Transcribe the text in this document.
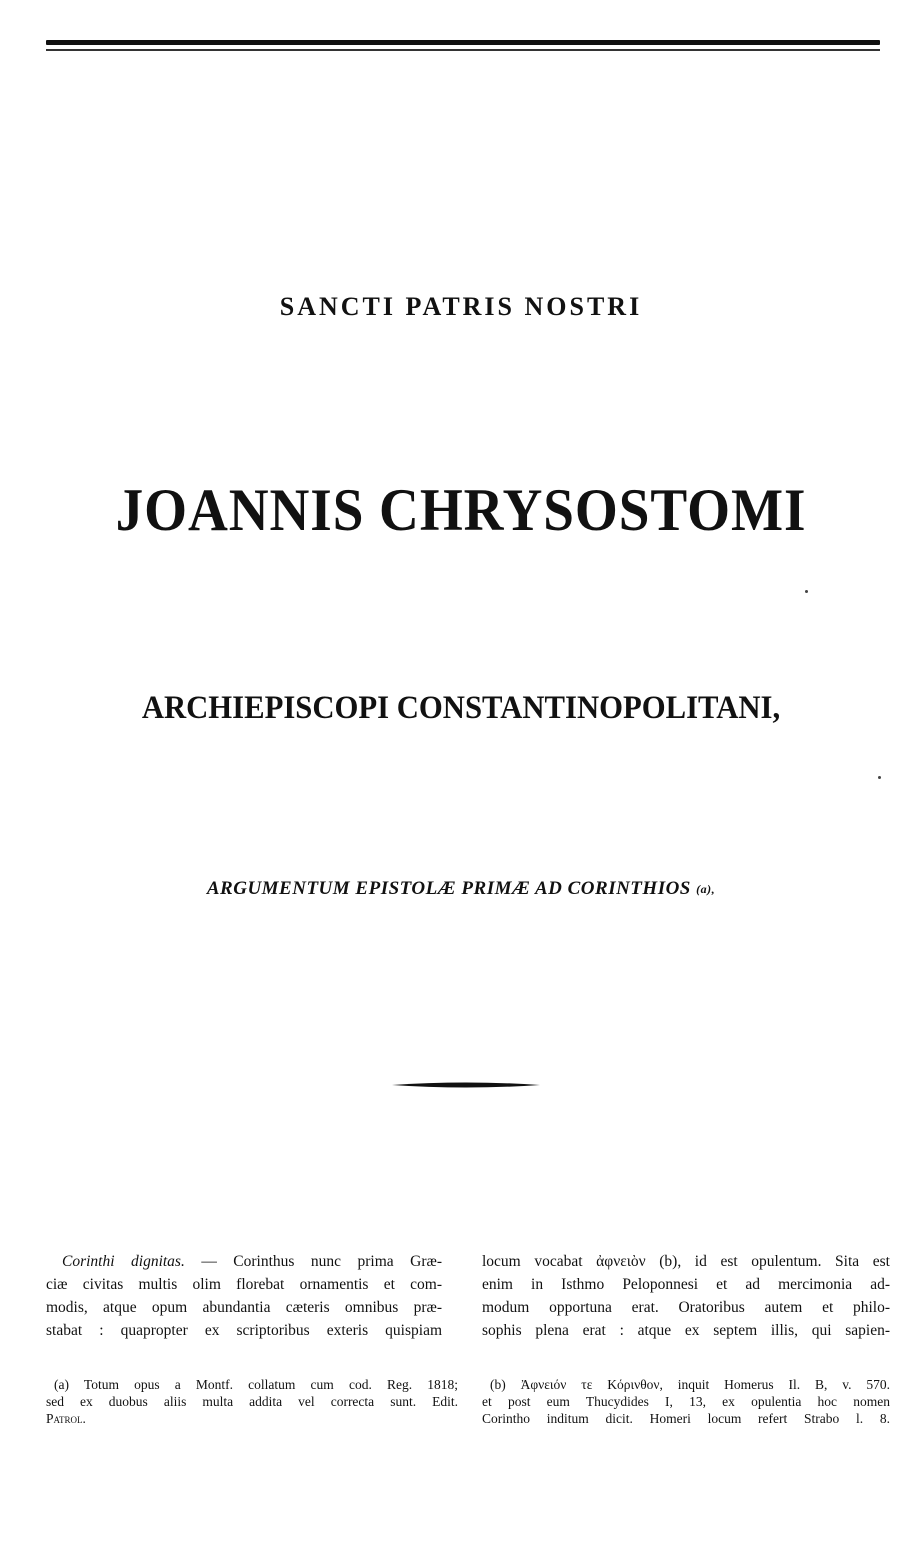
SANCTI PATRIS NOSTRI
JOANNIS CHRYSOSTOMI
ARCHIEPISCOPI CONSTANTINOPOLITANI,
ARGUMENTUM EPISTOLÆ PRIMÆ AD CORINTHIOS $^{(a),}$
Corinthi dignitas. — Corinthus nunc prima Græ-
ciæ civitas multis olim florebat ornamentis et com-
modis, atque opum abundantia cæteris omnibus præ-
stabat : quapropter ex scriptoribus exteris quispiam
locum vocabat ἀφνειὸν (b), id est opulentum. Sita est
enim in Isthmo Peloponnesi et ad mercimonia ad-
modum opportuna erat. Oratoribus autem et philo-
sophis plena erat : atque ex septem illis, qui sapien-
(a) Totum opus a Montf. collatum cum cod. Reg. 1818;
sed ex duobus aliis multa addita vel correcta sunt. Edit.
Patrol.
(b) Ἀφνειόν τε Κόρινθον, inquit Homerus Il. B, v. 570.
et post eum Thucydides I, 13, ex opulentia hoc nomen
Corintho inditum dicit. Homeri locum refert Strabo l. 8.
